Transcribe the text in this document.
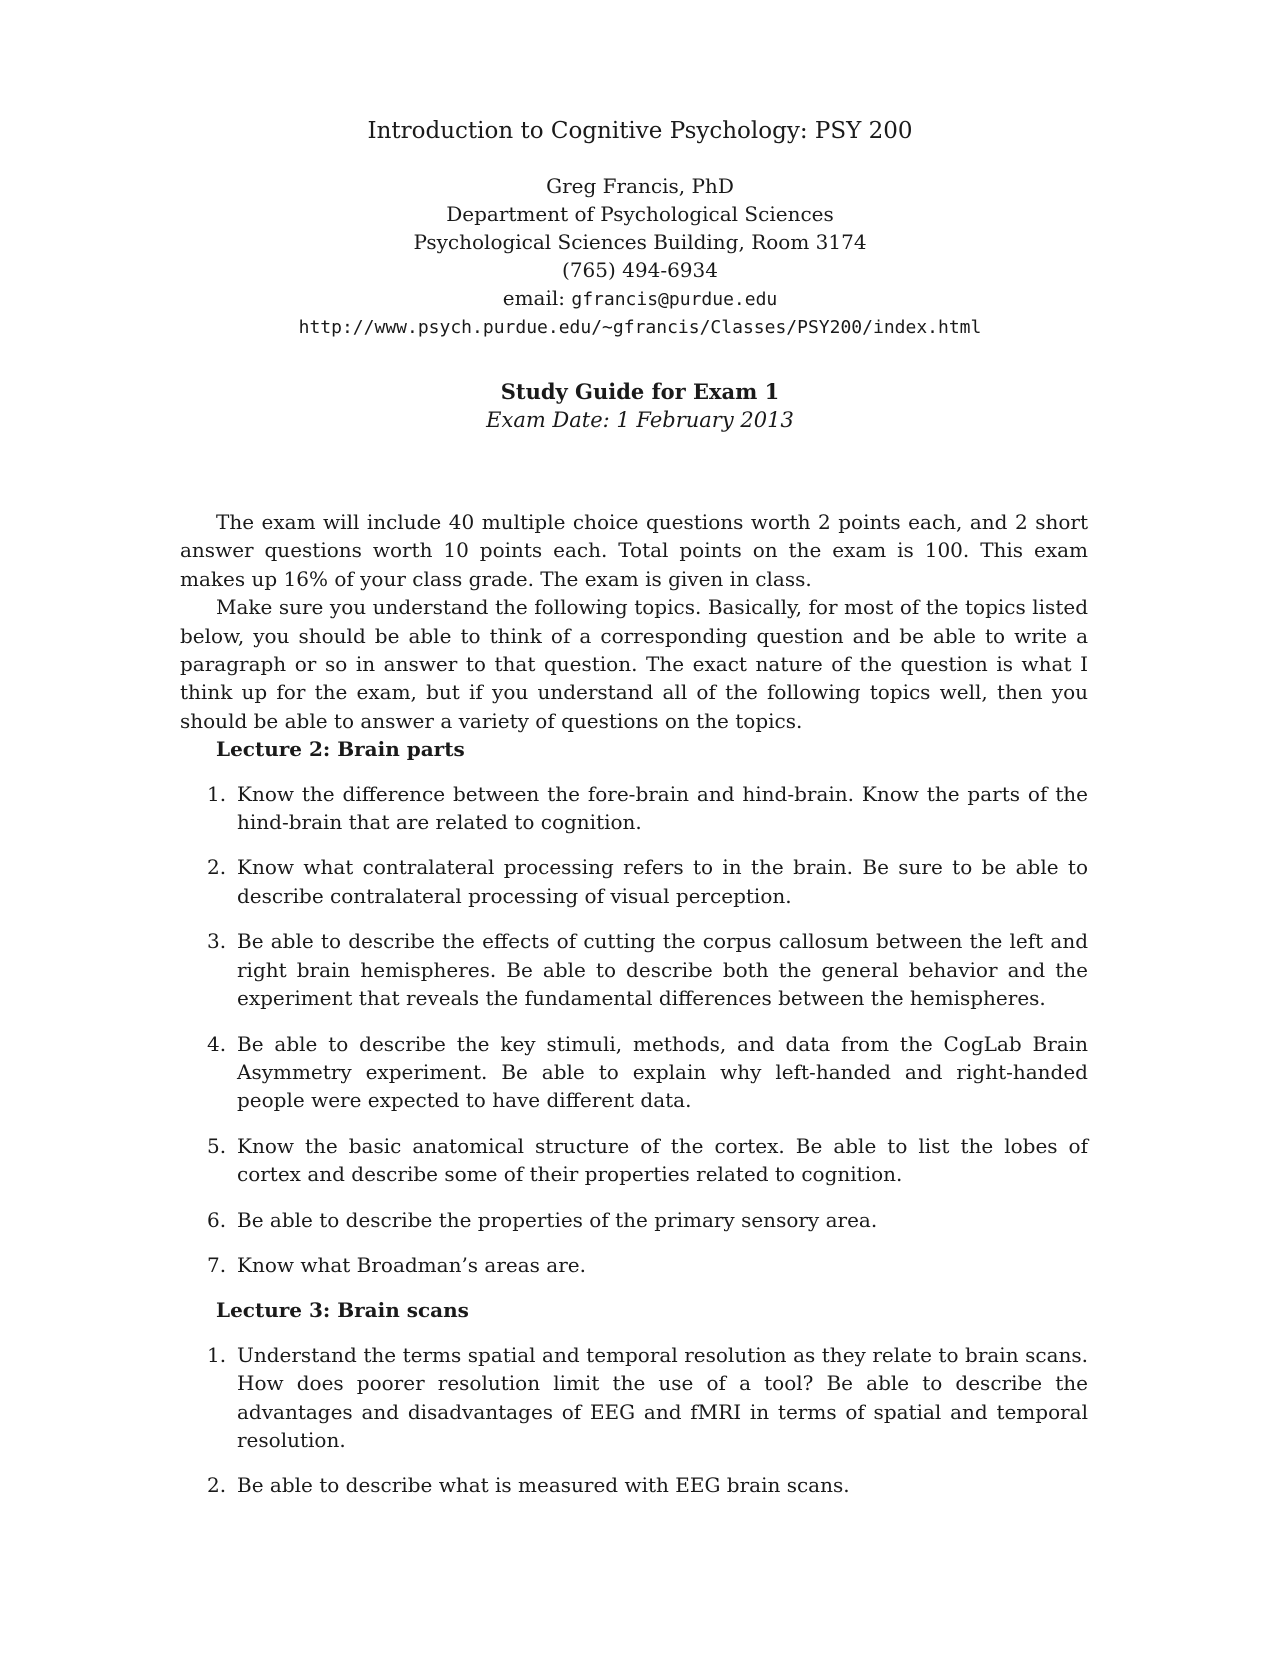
Introduction to Cognitive Psychology: PSY 200
Greg Francis, PhD
Department of Psychological Sciences
Psychological Sciences Building, Room 3174
(765) 494-6934
email: gfrancis@purdue.edu
http://www.psych.purdue.edu/∼gfrancis/Classes/PSY200/index.html
Study Guide for Exam 1
Exam Date: 1 February 2013

The exam will include 40 multiple choice questions worth 2 points each, and 2 short answer questions worth 10 points each. Total points on the exam is 100. This exam makes up 16% of your class grade. The exam is given in class.

Make sure you understand the following topics. Basically, for most of the topics listed below, you should be able to think of a corresponding question and be able to write a paragraph or so in answer to that question. The exact nature of the question is what I think up for the exam, but if you understand all of the following topics well, then you should be able to answer a variety of questions on the topics.

Lecture 2: Brain parts
1. Know the difference between the fore-brain and hind-brain. Know the parts of the hind-brain that are related to cognition.
2. Know what contralateral processing refers to in the brain. Be sure to be able to describe contralateral processing of visual perception.
3. Be able to describe the effects of cutting the corpus callosum between the left and right brain hemispheres. Be able to describe both the general behavior and the experiment that reveals the fundamental differences between the hemispheres.
4. Be able to describe the key stimuli, methods, and data from the CogLab Brain Asymmetry experiment. Be able to explain why left-handed and right-handed people were expected to have different data.
5. Know the basic anatomical structure of the cortex. Be able to list the lobes of cortex and describe some of their properties related to cognition.
6. Be able to describe the properties of the primary sensory area.
7. Know what Broadman’s areas are.
Lecture 3: Brain scans
1. Understand the terms spatial and temporal resolution as they relate to brain scans. How does poorer resolution limit the use of a tool? Be able to describe the advantages and disadvantages of EEG and fMRI in terms of spatial and temporal resolution.
2. Be able to describe what is measured with EEG brain scans.
